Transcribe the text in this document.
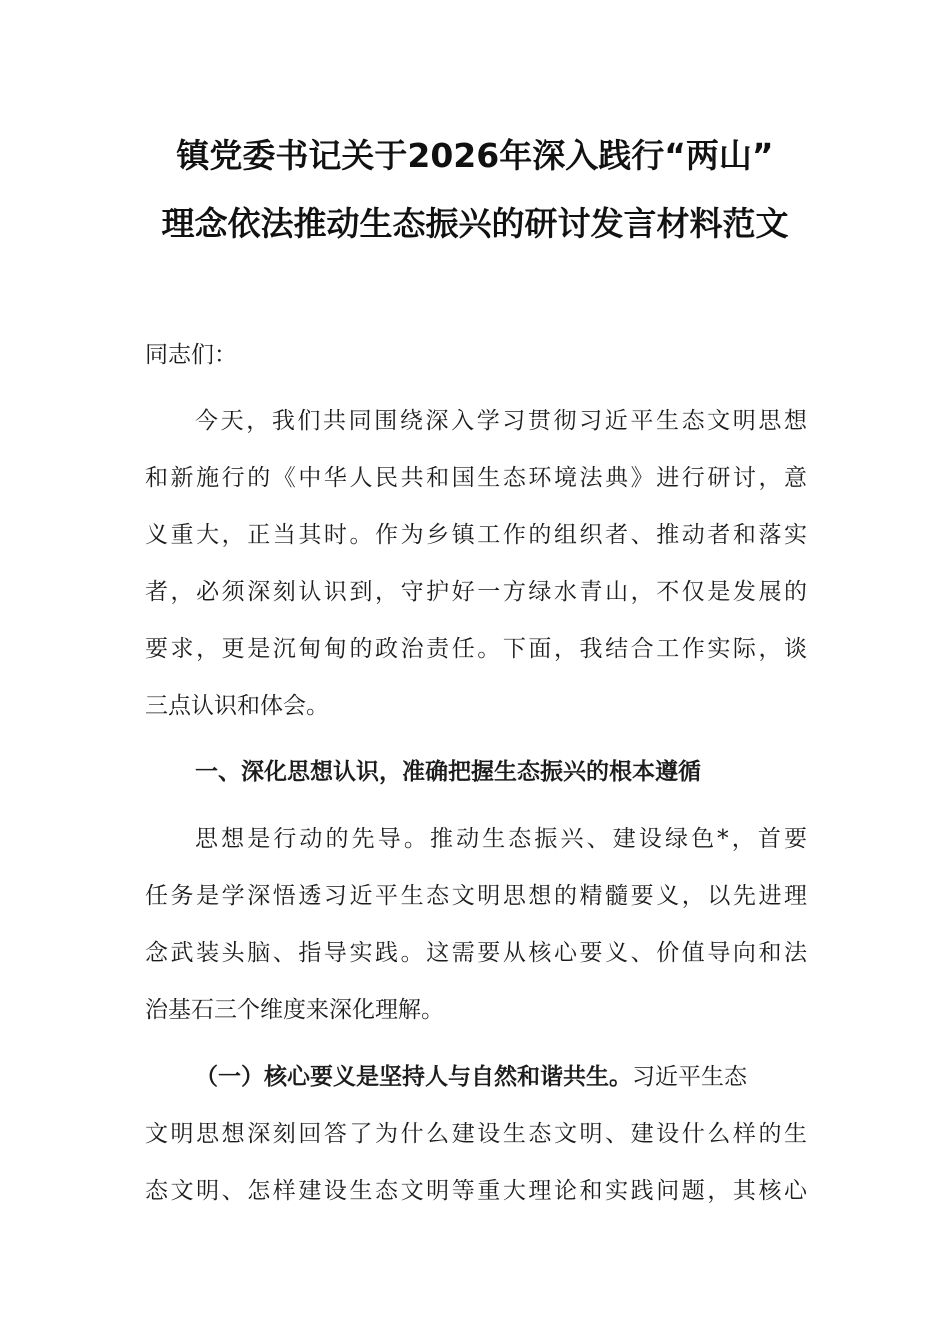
镇党委书记关于2026年深入践行“两山”
理念依法推动生态振兴的研讨发言材料范文
同志们：
今天，我们共同围绕深入学习贯彻习近平生态文明思想
和新施行的《中华人民共和国生态环境法典》进行研讨，意
义重大，正当其时。作为乡镇工作的组织者、推动者和落实
者，必须深刻认识到，守护好一方绿水青山，不仅是发展的
要求，更是沉甸甸的政治责任。下面，我结合工作实际，谈
三点认识和体会。
一、深化思想认识，准确把握生态振兴的根本遵循
思想是行动的先导。推动生态振兴、建设绿色*，首要
任务是学深悟透习近平生态文明思想的精髓要义，以先进理
念武装头脑、指导实践。这需要从核心要义、价值导向和法
治基石三个维度来深化理解。
（一）核心要义是坚持人与自然和谐共生。习近平生态
文明思想深刻回答了为什么建设生态文明、建设什么样的生
态文明、怎样建设生态文明等重大理论和实践问题，其核心
